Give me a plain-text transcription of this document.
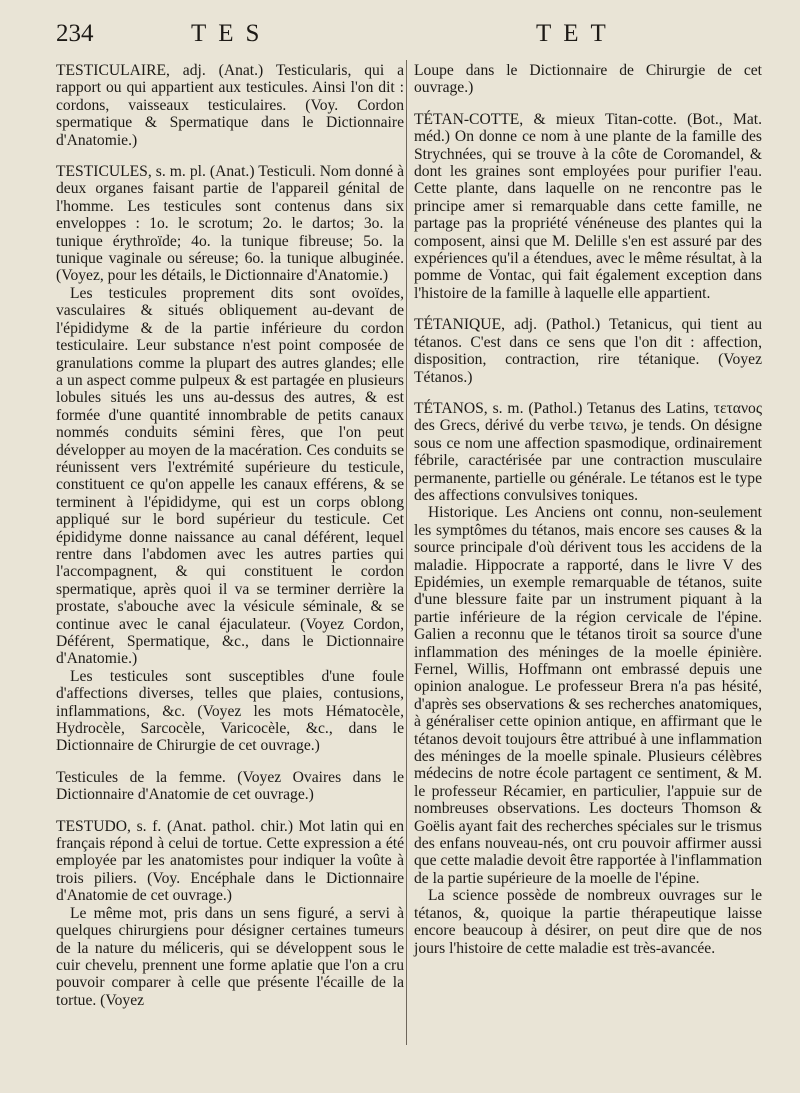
234	TES	TET

TESTICULAIRE, adj. (Anat.) Testicularis, qui a rapport ou qui appartient aux testicules. Ainsi l'on dit : cordons, vaisseaux testiculaires. (Voy. Cordon spermatique & Spermatique dans le Dictionnaire d'Anatomie.)

TESTICULES, s. m. pl. (Anat.) Testiculi. Nom donné à deux organes faisant partie de l'appareil génital de l'homme. Les testicules sont contenus dans six enveloppes : 1o. le scrotum; 2o. le dartos; 3o. la tunique érythroïde; 4o. la tunique fibreuse; 5o. la tunique vaginale ou séreuse; 6o. la tunique albuginée. (Voyez, pour les détails, le Dictionnaire d'Anatomie.)

Les testicules proprement dits sont ovoïdes, vasculaires & situés obliquement au-devant de l'épididyme & de la partie inférieure du cordon testiculaire. Leur substance n'est point composée de granulations comme la plupart des autres glandes; elle a un aspect comme pulpeux & est partagée en plusieurs lobules situés les uns au-dessus des autres, & est formée d'une quantité innombrable de petits canaux nommés conduits sémini fères, que l'on peut développer au moyen de la macération. Ces conduits se réunissent vers l'extrémité supérieure du testicule, constituent ce qu'on appelle les canaux efférens, & se terminent à l'épididyme, qui est un corps oblong appliqué sur le bord supérieur du testicule. Cet épididyme donne naissance au canal déférent, lequel rentre dans l'abdomen avec les autres parties qui l'accompagnent, & qui constituent le cordon spermatique, après quoi il va se terminer derrière la prostate, s'abouche avec la vésicule séminale, & se continue avec le canal éjaculateur. (Voyez Cordon, Déférent, Spermatique, &c., dans le Dictionnaire d'Anatomie.)

Les testicules sont susceptibles d'une foule d'affections diverses, telles que plaies, contusions, inflammations, &c. (Voyez les mots Hématocèle, Hydrocèle, Sarcocèle, Varicocèle, &c., dans le Dictionnaire de Chirurgie de cet ouvrage.)

Testicules de la femme. (Voyez Ovaires dans le Dictionnaire d'Anatomie de cet ouvrage.)

TESTUDO, s. f. (Anat. pathol. chir.) Mot latin qui en français répond à celui de tortue. Cette expression a été employée par les anatomistes pour indiquer la voûte à trois piliers. (Voy. Encéphale dans le Dictionnaire d'Anatomie de cet ouvrage.)

Le même mot, pris dans un sens figuré, a servi à quelques chirurgiens pour désigner certaines tumeurs de la nature du méliceris, qui se développent sous le cuir chevelu, prennent une forme aplatie que l'on a cru pouvoir comparer à celle que présente l'écaille de la tortue. (Voyez

Loupe dans le Dictionnaire de Chirurgie de cet ouvrage.)

TÉTAN-COTTE, & mieux Titan-cotte. (Bot., Mat. méd.) On donne ce nom à une plante de la famille des Strychnées, qui se trouve à la côte de Coromandel, & dont les graines sont employées pour purifier l'eau. Cette plante, dans laquelle on ne rencontre pas le principe amer si remarquable dans cette famille, ne partage pas la propriété vénéneuse des plantes qui la composent, ainsi que M. Delille s'en est assuré par des expériences qu'il a étendues, avec le même résultat, à la pomme de Vontac, qui fait également exception dans l'histoire de la famille à laquelle elle appartient.

TÉTANIQUE, adj. (Pathol.) Tetanicus, qui tient au tétanos. C'est dans ce sens que l'on dit : affection, disposition, contraction, rire tétanique. (Voyez Tétanos.)

TÉTANOS, s. m. (Pathol.) Tetanus des Latins, τετανος des Grecs, dérivé du verbe τεινω, je tends. On désigne sous ce nom une affection spasmodique, ordinairement fébrile, caractérisée par une contraction musculaire permanente, partielle ou générale. Le tétanos est le type des affections convulsives toniques.

Historique. Les Anciens ont connu, non-seulement les symptômes du tétanos, mais encore ses causes & la source principale d'où dérivent tous les accidens de la maladie. Hippocrate a rapporté, dans le livre V des Epidémies, un exemple remarquable de tétanos, suite d'une blessure faite par un instrument piquant à la partie inférieure de la région cervicale de l'épine. Galien a reconnu que le tétanos tiroit sa source d'une inflammation des méninges de la moelle épinière. Fernel, Willis, Hoffmann ont embrassé depuis une opinion analogue. Le professeur Brera n'a pas hésité, d'après ses observations & ses recherches anatomiques, à généraliser cette opinion antique, en affirmant que le tétanos devoit toujours être attribué à une inflammation des méninges de la moelle spinale. Plusieurs célèbres médecins de notre école partagent ce sentiment, & M. le professeur Récamier, en particulier, l'appuie sur de nombreuses observations. Les docteurs Thomson & Goëlis ayant fait des recherches spéciales sur le trismus des enfans nouveau-nés, ont cru pouvoir affirmer aussi que cette maladie devoit être rapportée à l'inflammation de la partie supérieure de la moelle de l'épine.

La science possède de nombreux ouvrages sur le tétanos, &, quoique la partie thérapeutique laisse encore beaucoup à désirer, on peut dire que de nos jours l'histoire de cette maladie est très-avancée.
